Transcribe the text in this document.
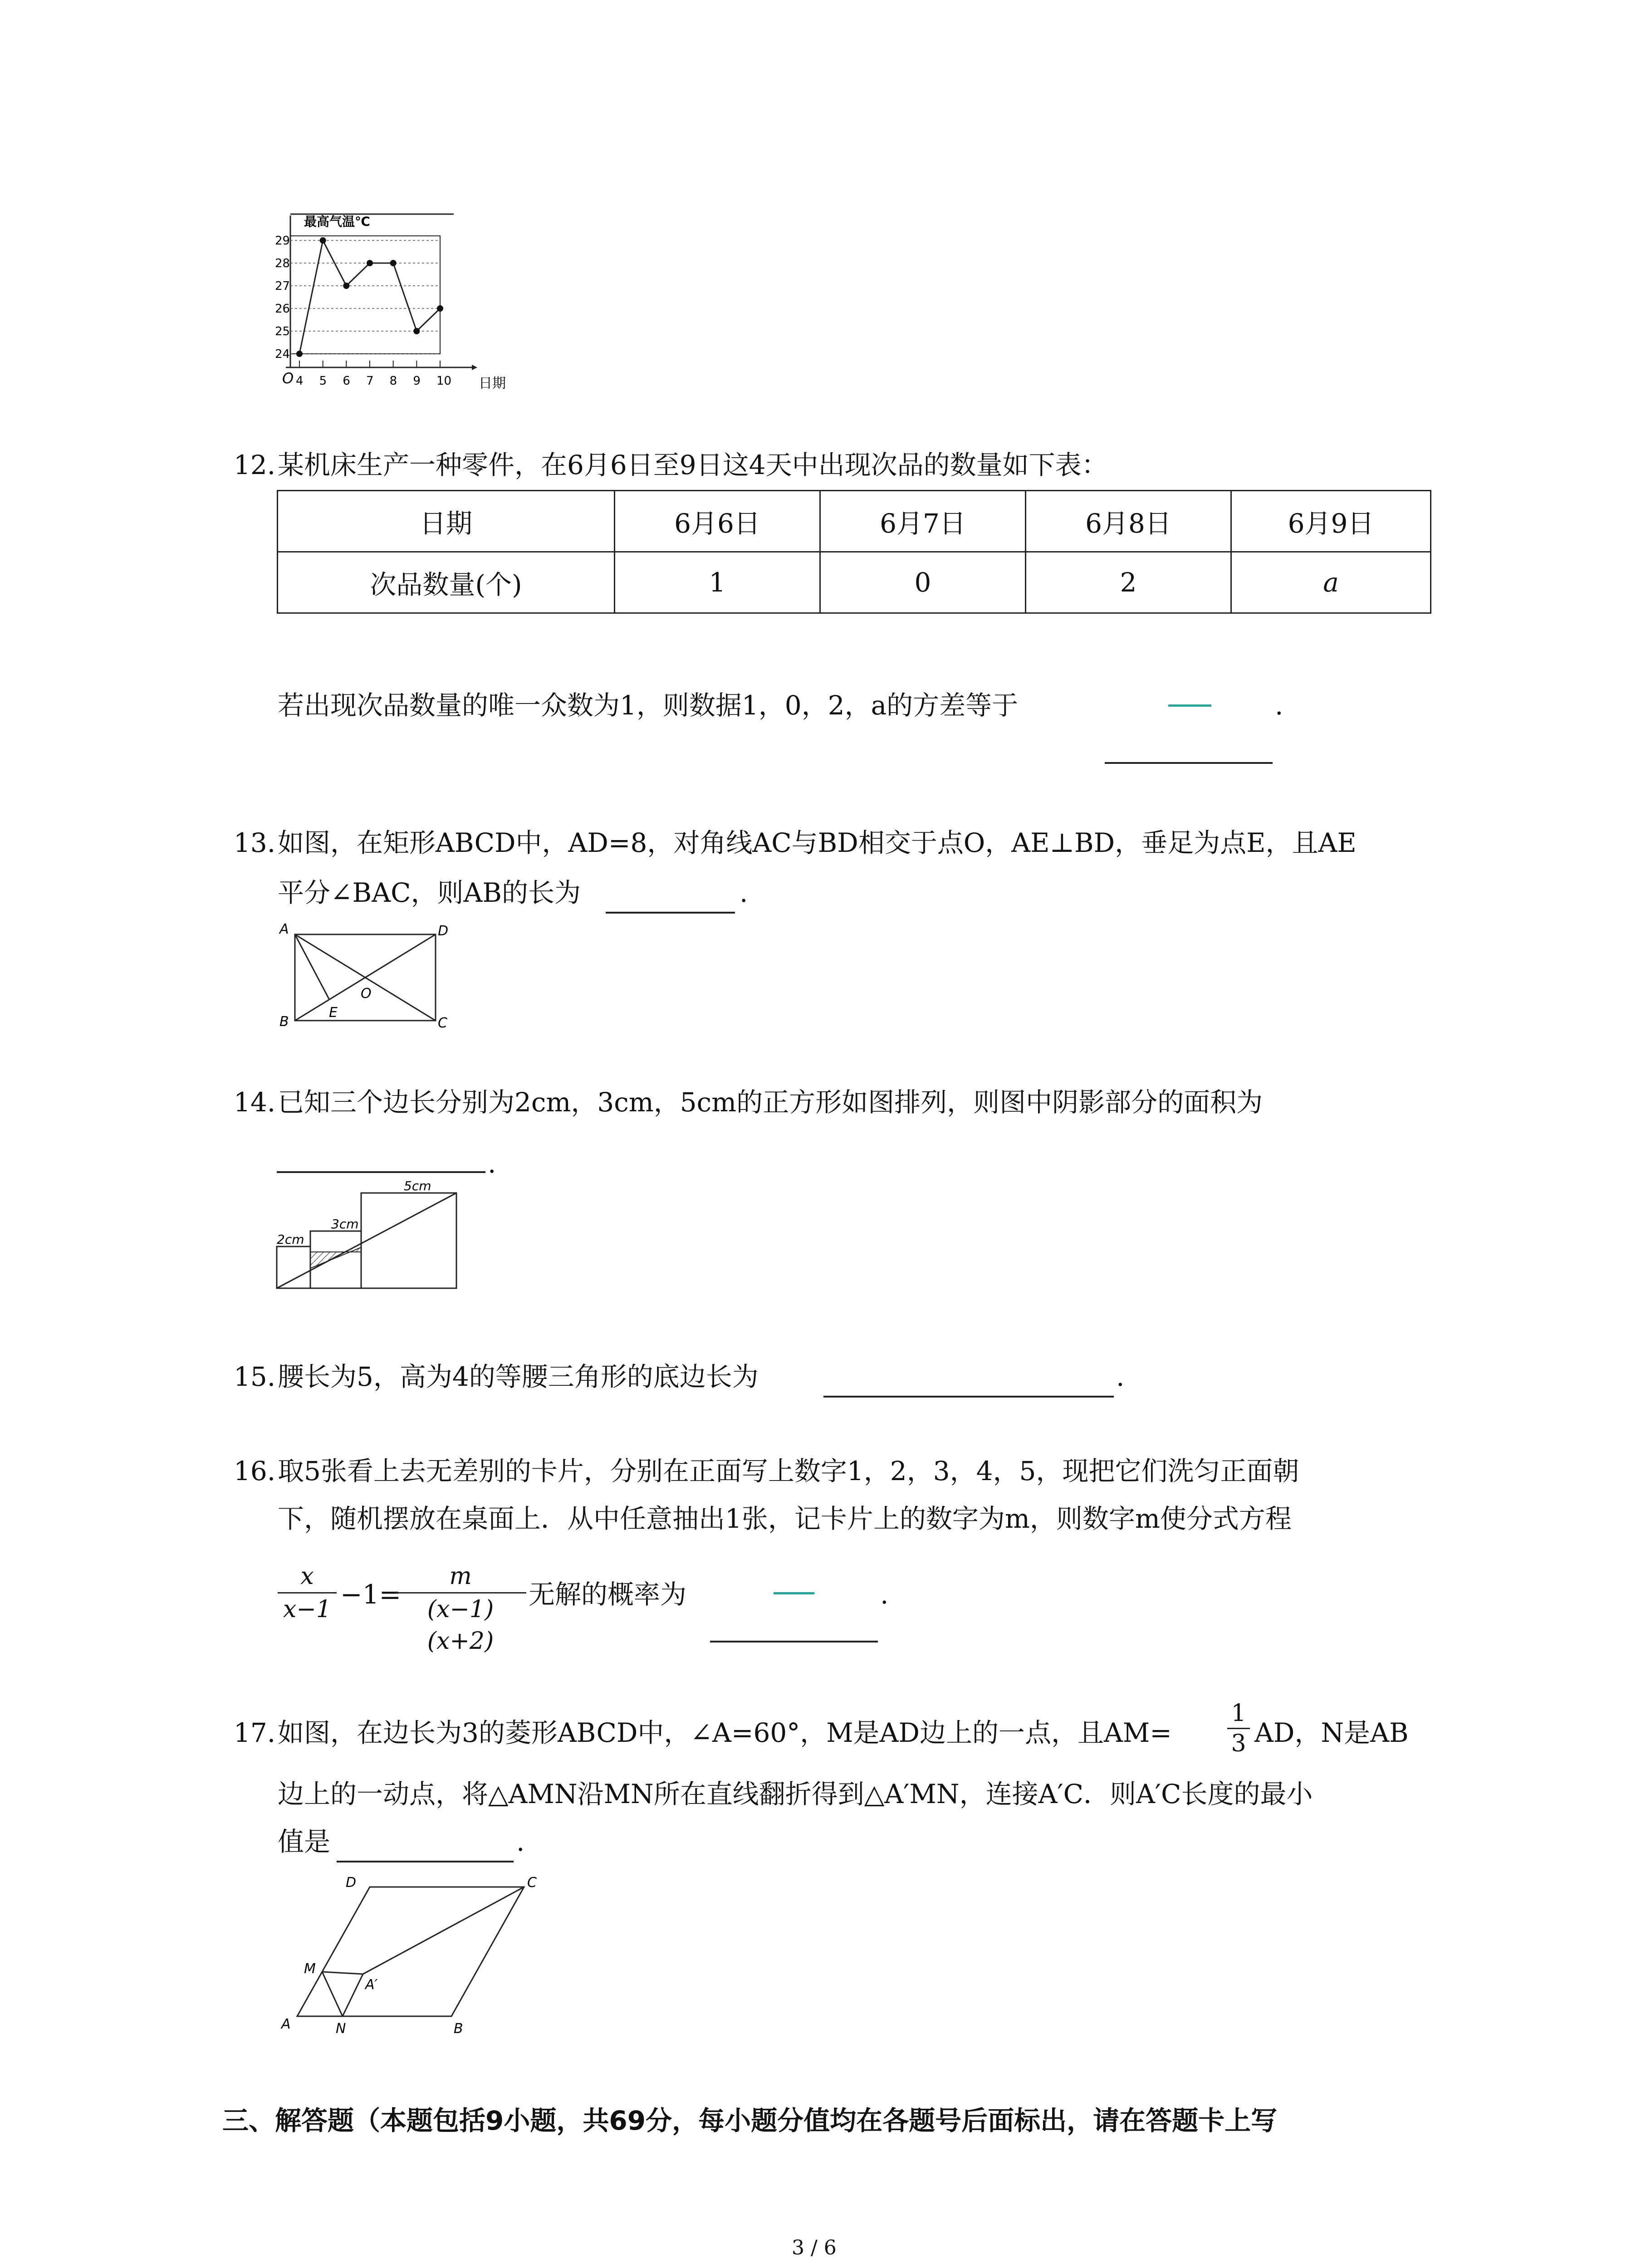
最高气温℃
24
25
26
27
28
29
4 5 6 7 8 9 10
O	日期
12. 某机床生产一种零件，在6月6日至9日这4天中出现次品的数量如下表：
日期	6月6日	6月7日	6月8日	6月9日
次品数量(个)	1	0	2	a
若出现次品数量的唯一众数为1，则数据1，0，2，a的方差等于	.
13. 如图，在矩形ABCD中，AD=8，对角线AC与BD相交于点O，AE⊥BD，垂足为点E，且AE
平分∠BAC，则AB的长为	.
A	D
B	C
E
O
14. 已知三个边长分别为2cm，3cm，5cm的正方形如图排列，则图中阴影部分的面积为
.
2cm
3cm
5cm
15. 腰长为5，高为4的等腰三角形的底边长为	.
16. 取5张看上去无差别的卡片，分别在正面写上数字1，2，3，4，5，现把它们洗匀正面朝
下，随机摆放在桌面上．从中任意抽出1张，记卡片上的数字为m，则数字m使分式方程
$\frac{x}{x-1} -1=$
$\frac{m}{(x-1)(x+2)}$ 无解的概率为	.
17. 如图，在边长为3的菱形ABCD中，∠A=60°，M是AD边上的一点，且$AM= \frac{1}{3}$ AD，N是AB
边上的一动点，将△AMN沿MN所在直线翻折得到△A′MN，连接A′C．则A′C长度的最小
值是	.
D	C
M
A′
A	N	B
三、解答题（本题包括9小题，共69分，每小题分值均在各题号后面标出，请在答题卡上写
3 / 6
